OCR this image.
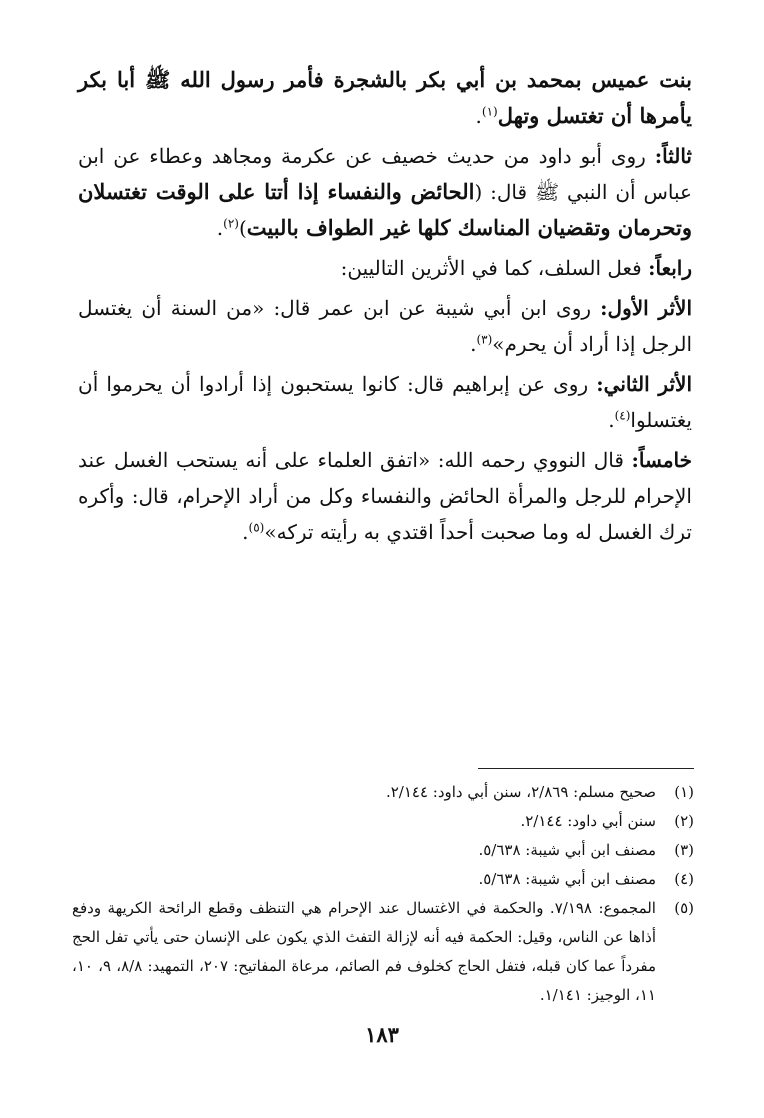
بنت عميس بمحمد بن أبي بكر بالشجرة فأمر رسول الله ﷺ أبا بكر يأمرها أن تغتسل وتهل$^{(١)}$.

ثالثاً: روى أبو داود من حديث خصيف عن عكرمة ومجاهد وعطاء عن ابن عباس أن النبي ﷺ قال: (الحائض والنفساء إذا أتتا على الوقت تغتسلان وتحرمان وتقضيان المناسك كلها غير الطواف بالبيت)$^{(٢)}$.

رابعاً: فعل السلف، كما في الأثرين التاليين:

الأثر الأول: روى ابن أبي شيبة عن ابن عمر قال: «من السنة أن يغتسل الرجل إذا أراد أن يحرم»$^{(٣)}$.

الأثر الثاني: روى عن إبراهيم قال: كانوا يستحبون إذا أرادوا أن يحرموا أن يغتسلوا$^{(٤)}$.

خامساً: قال النووي رحمه الله: «اتفق العلماء على أنه يستحب الغسل عند الإحرام للرجل والمرأة الحائض والنفساء وكل من أراد الإحرام، قال: وأكره ترك الغسل له وما صحبت أحداً اقتدي به رأيته تركه»$^{(٥)}$.

(١)
صحيح مسلم: ٢/٨٦٩، سنن أبي داود: ٢/١٤٤.
(٢)
سنن أبي داود: ٢/١٤٤.
(٣)
مصنف ابن أبي شيبة: ٥/٦٣٨.
(٤)
مصنف ابن أبي شيبة: ٥/٦٣٨.
(٥)
المجموع: ٧/١٩٨. والحكمة في الاغتسال عند الإحرام هي التنظف وقطع الرائحة الكريهة ودفع أذاها عن الناس، وقيل: الحكمة فيه أنه لإزالة التفث الذي يكون على الإنسان حتى يأتي تفل الحج مفرداً عما كان قبله، فتفل الحاج كخلوف فم الصائم، مرعاة المفاتيح: ٢٠٧، التمهيد: ٨/٨، ٩، ١٠، ١١، الوجيز: ١/١٤١.
١٨٣
